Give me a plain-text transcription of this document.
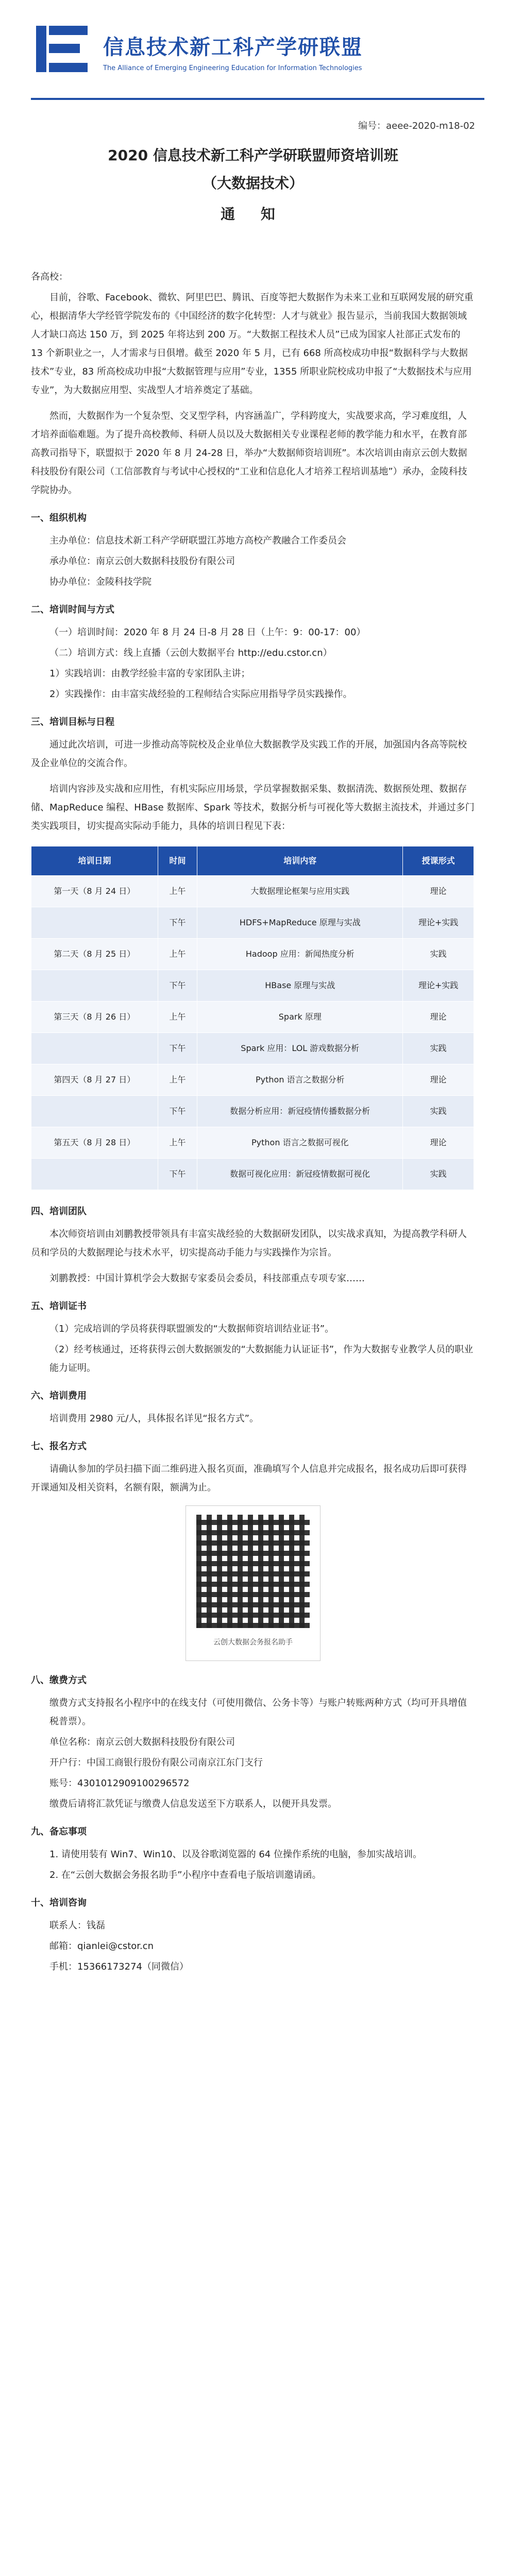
信息技术新工科产学研联盟
The Alliance of Emerging Engineering Education for Information Technologies
编号：aeee-2020-m18-02
2020 信息技术新工科产学研联盟师资培训班
（大数据技术）
通 知
各高校：

目前，谷歌、Facebook、微软、阿里巴巴、腾讯、百度等把大数据作为未来工业和互联网发展的研究重心，根据清华大学经管学院发布的《中国经济的数字化转型：人才与就业》报告显示，当前我国大数据领域人才缺口高达 150 万，到 2025 年将达到 200 万。“大数据工程技术人员”已成为国家人社部正式发布的 13 个新职业之一，人才需求与日俱增。截至 2020 年 5 月，已有 668 所高校成功申报“数据科学与大数据技术”专业，83 所高校成功申报“大数据管理与应用”专业，1355 所职业院校成功申报了“大数据技术与应用专业”，为大数据应用型、实战型人才培养奠定了基础。

然而，大数据作为一个复杂型、交叉型学科，内容涵盖广，学科跨度大，实战要求高，学习难度组，人才培养面临难题。为了提升高校教师、科研人员以及大数据相关专业课程老师的教学能力和水平，在教育部高教司指导下，联盟拟于 2020 年 8 月 24-28 日，举办“大数据师资培训班”。本次培训由南京云创大数据科技股份有限公司（工信部教育与考试中心授权的“工业和信息化人才培养工程培训基地”）承办，金陵科技学院协办。

一、组织机构
主办单位：信息技术新工科产学研联盟江苏地方高校产教融合工作委员会
承办单位：南京云创大数据科技股份有限公司
协办单位：金陵科技学院
二、培训时间与方式
（一）培训时间：2020 年 8 月 24 日-8 月 28 日（上午：9：00-17：00）
（二）培训方式：线上直播（云创大数据平台 http://edu.cstor.cn）
1）实践培训：由教学经验丰富的专家团队主讲；
2）实践操作：由丰富实战经验的工程师结合实际应用指导学员实践操作。
三、培训目标与日程

通过此次培训，可进一步推动高等院校及企业单位大数据教学及实践工作的开展，加强国内各高等院校及企业单位的交流合作。

培训内容涉及实战和应用性，有机实际应用场景，学员掌握数据采集、数据清洗、数据预处理、数据存储、MapReduce 编程、HBase 数据库、Spark 等技术，数据分析与可视化等大数据主流技术，并通过多门类实践项目，切实提高实际动手能力，具体的培训日程见下表：

培训日期	时间	培训内容	授课形式
第一天（8 月 24 日）	上午	大数据理论框架与应用实践	理论
	下午	HDFS+MapReduce 原理与实战	理论+实践
第二天（8 月 25 日）	上午	Hadoop 应用：新闻热度分析	实践
	下午	HBase 原理与实战	理论+实践
第三天（8 月 26 日）	上午	Spark 原理	理论
	下午	Spark 应用：LOL 游戏数据分析	实践
第四天（8 月 27 日）	上午	Python 语言之数据分析	理论
	下午	数据分析应用：新冠疫情传播数据分析	实践
第五天（8 月 28 日）	上午	Python 语言之数据可视化	理论
	下午	数据可视化应用：新冠疫情数据可视化	实践
四、培训团队

本次师资培训由刘鹏教授带领具有丰富实战经验的大数据研发团队，以实战求真知，为提高教学科研人员和学员的大数据理论与技术水平，切实提高动手能力与实践操作为宗旨。

刘鹏教授：中国计算机学会大数据专家委员会委员，科技部重点专项专家……

五、培训证书
（1）完成培训的学员将获得联盟颁发的“大数据师资培训结业证书”。
（2）经考核通过，还将获得云创大数据颁发的“大数据能力认证证书”，作为大数据专业教学人员的职业能力证明。
六、培训费用
培训费用 2980 元/人，具体报名详见“报名方式”。
七、报名方式

请确认参加的学员扫描下面二维码进入报名页面，准确填写个人信息并完成报名，报名成功后即可获得开课通知及相关资料，名额有限，额满为止。

云创大数据会务报名助手
八、缴费方式
缴费方式支持报名小程序中的在线支付（可使用微信、公务卡等）与账户转账两种方式（均可开具增值税普票）。
单位名称：南京云创大数据科技股份有限公司
开户行：中国工商银行股份有限公司南京江东门支行
账号：4301012909100296572
缴费后请将汇款凭证与缴费人信息发送至下方联系人，以便开具发票。
九、备忘事项
1. 请使用装有 Win7、Win10、以及谷歌浏览器的 64 位操作系统的电脑，参加实战培训。
2. 在“云创大数据会务报名助手”小程序中查看电子版培训邀请函。
十、培训咨询
联系人：钱磊
邮箱：qianlei@cstor.cn
手机：15366173274（同微信）
